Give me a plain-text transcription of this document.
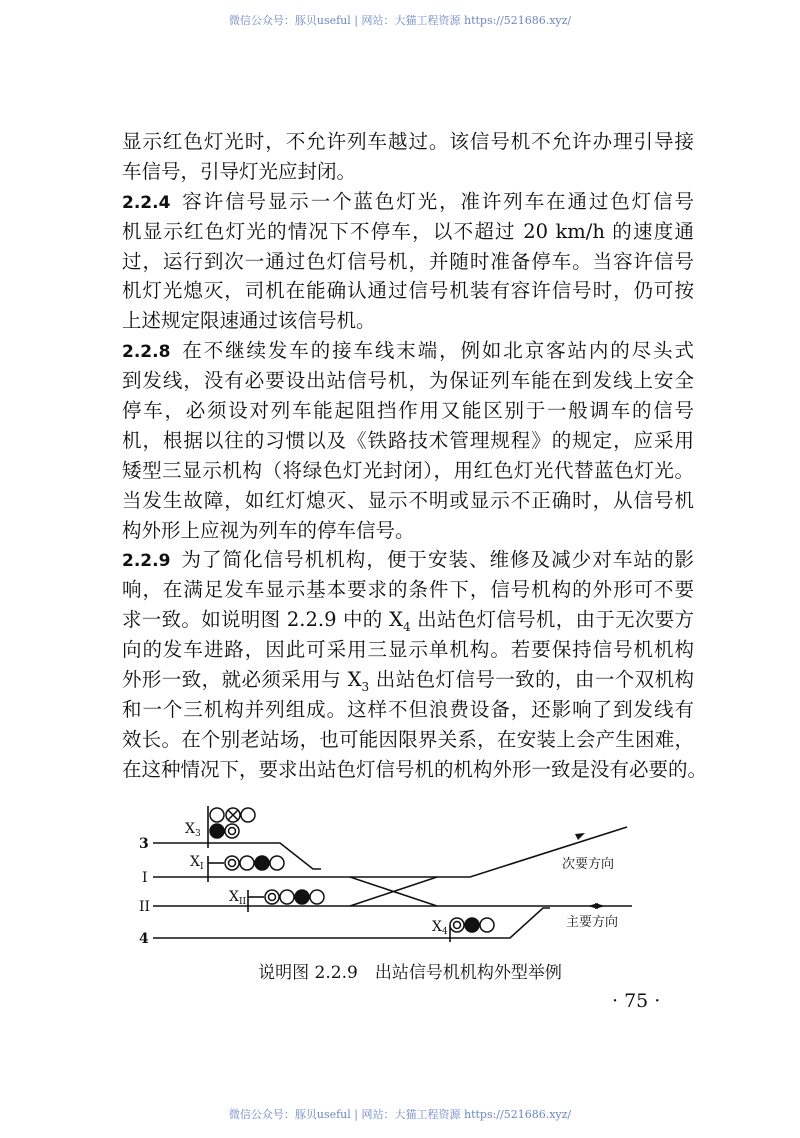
微信公众号：豚贝useful | 网站：大猫工程资源 https://521686.xyz/
显示红色灯光时，不允许列车越过。该信号机不允许办理引导接
车信号，引导灯光应封闭。
2.2.4 容许信号显示一个蓝色灯光，准许列车在通过色灯信号
机显示红色灯光的情况下不停车，以不超过 20 km/h 的速度通
过，运行到次一通过色灯信号机，并随时准备停车。当容许信号
机灯光熄灭，司机在能确认通过信号机装有容许信号时，仍可按
上述规定限速通过该信号机。
2.2.8 在不继续发车的接车线末端，例如北京客站内的尽头式
到发线，没有必要设出站信号机，为保证列车能在到发线上安全
停车，必须设对列车能起阻挡作用又能区别于一般调车的信号
机，根据以往的习惯以及《铁路技术管理规程》的规定，应采用
矮型三显示机构（将绿色灯光封闭），用红色灯光代替蓝色灯光。
当发生故障，如红灯熄灭、显示不明或显示不正确时，从信号机
构外形上应视为列车的停车信号。
2.2.9 为了简化信号机机构，便于安装、维修及减少对车站的影
响，在满足发车显示基本要求的条件下，信号机构的外形可不要
求一致。如说明图 2.2.9 中的 $X_4$ 出站色灯信号机，由于无次要方
向的发车进路，因此可采用三显示单机构。若要保持信号机机构
外形一致，就必须采用与 $X_3$ 出站色灯信号一致的，由一个双机构
和一个三机构并列组成。这样不但浪费设备，还影响了到发线有
效长。在个别老站场，也可能因限界关系，在安装上会产生困难，
在这种情况下，要求出站色灯信号机的机构外形一致是没有必要的。
3
I
II
4
$X_3$
$X_I$
$X_{II}$
$X_4$
次要方向
主要方向
说明图 2.2.9　出站信号机机构外型举例
· 75 ·
微信公众号：豚贝useful | 网站：大猫工程资源 https://521686.xyz/
